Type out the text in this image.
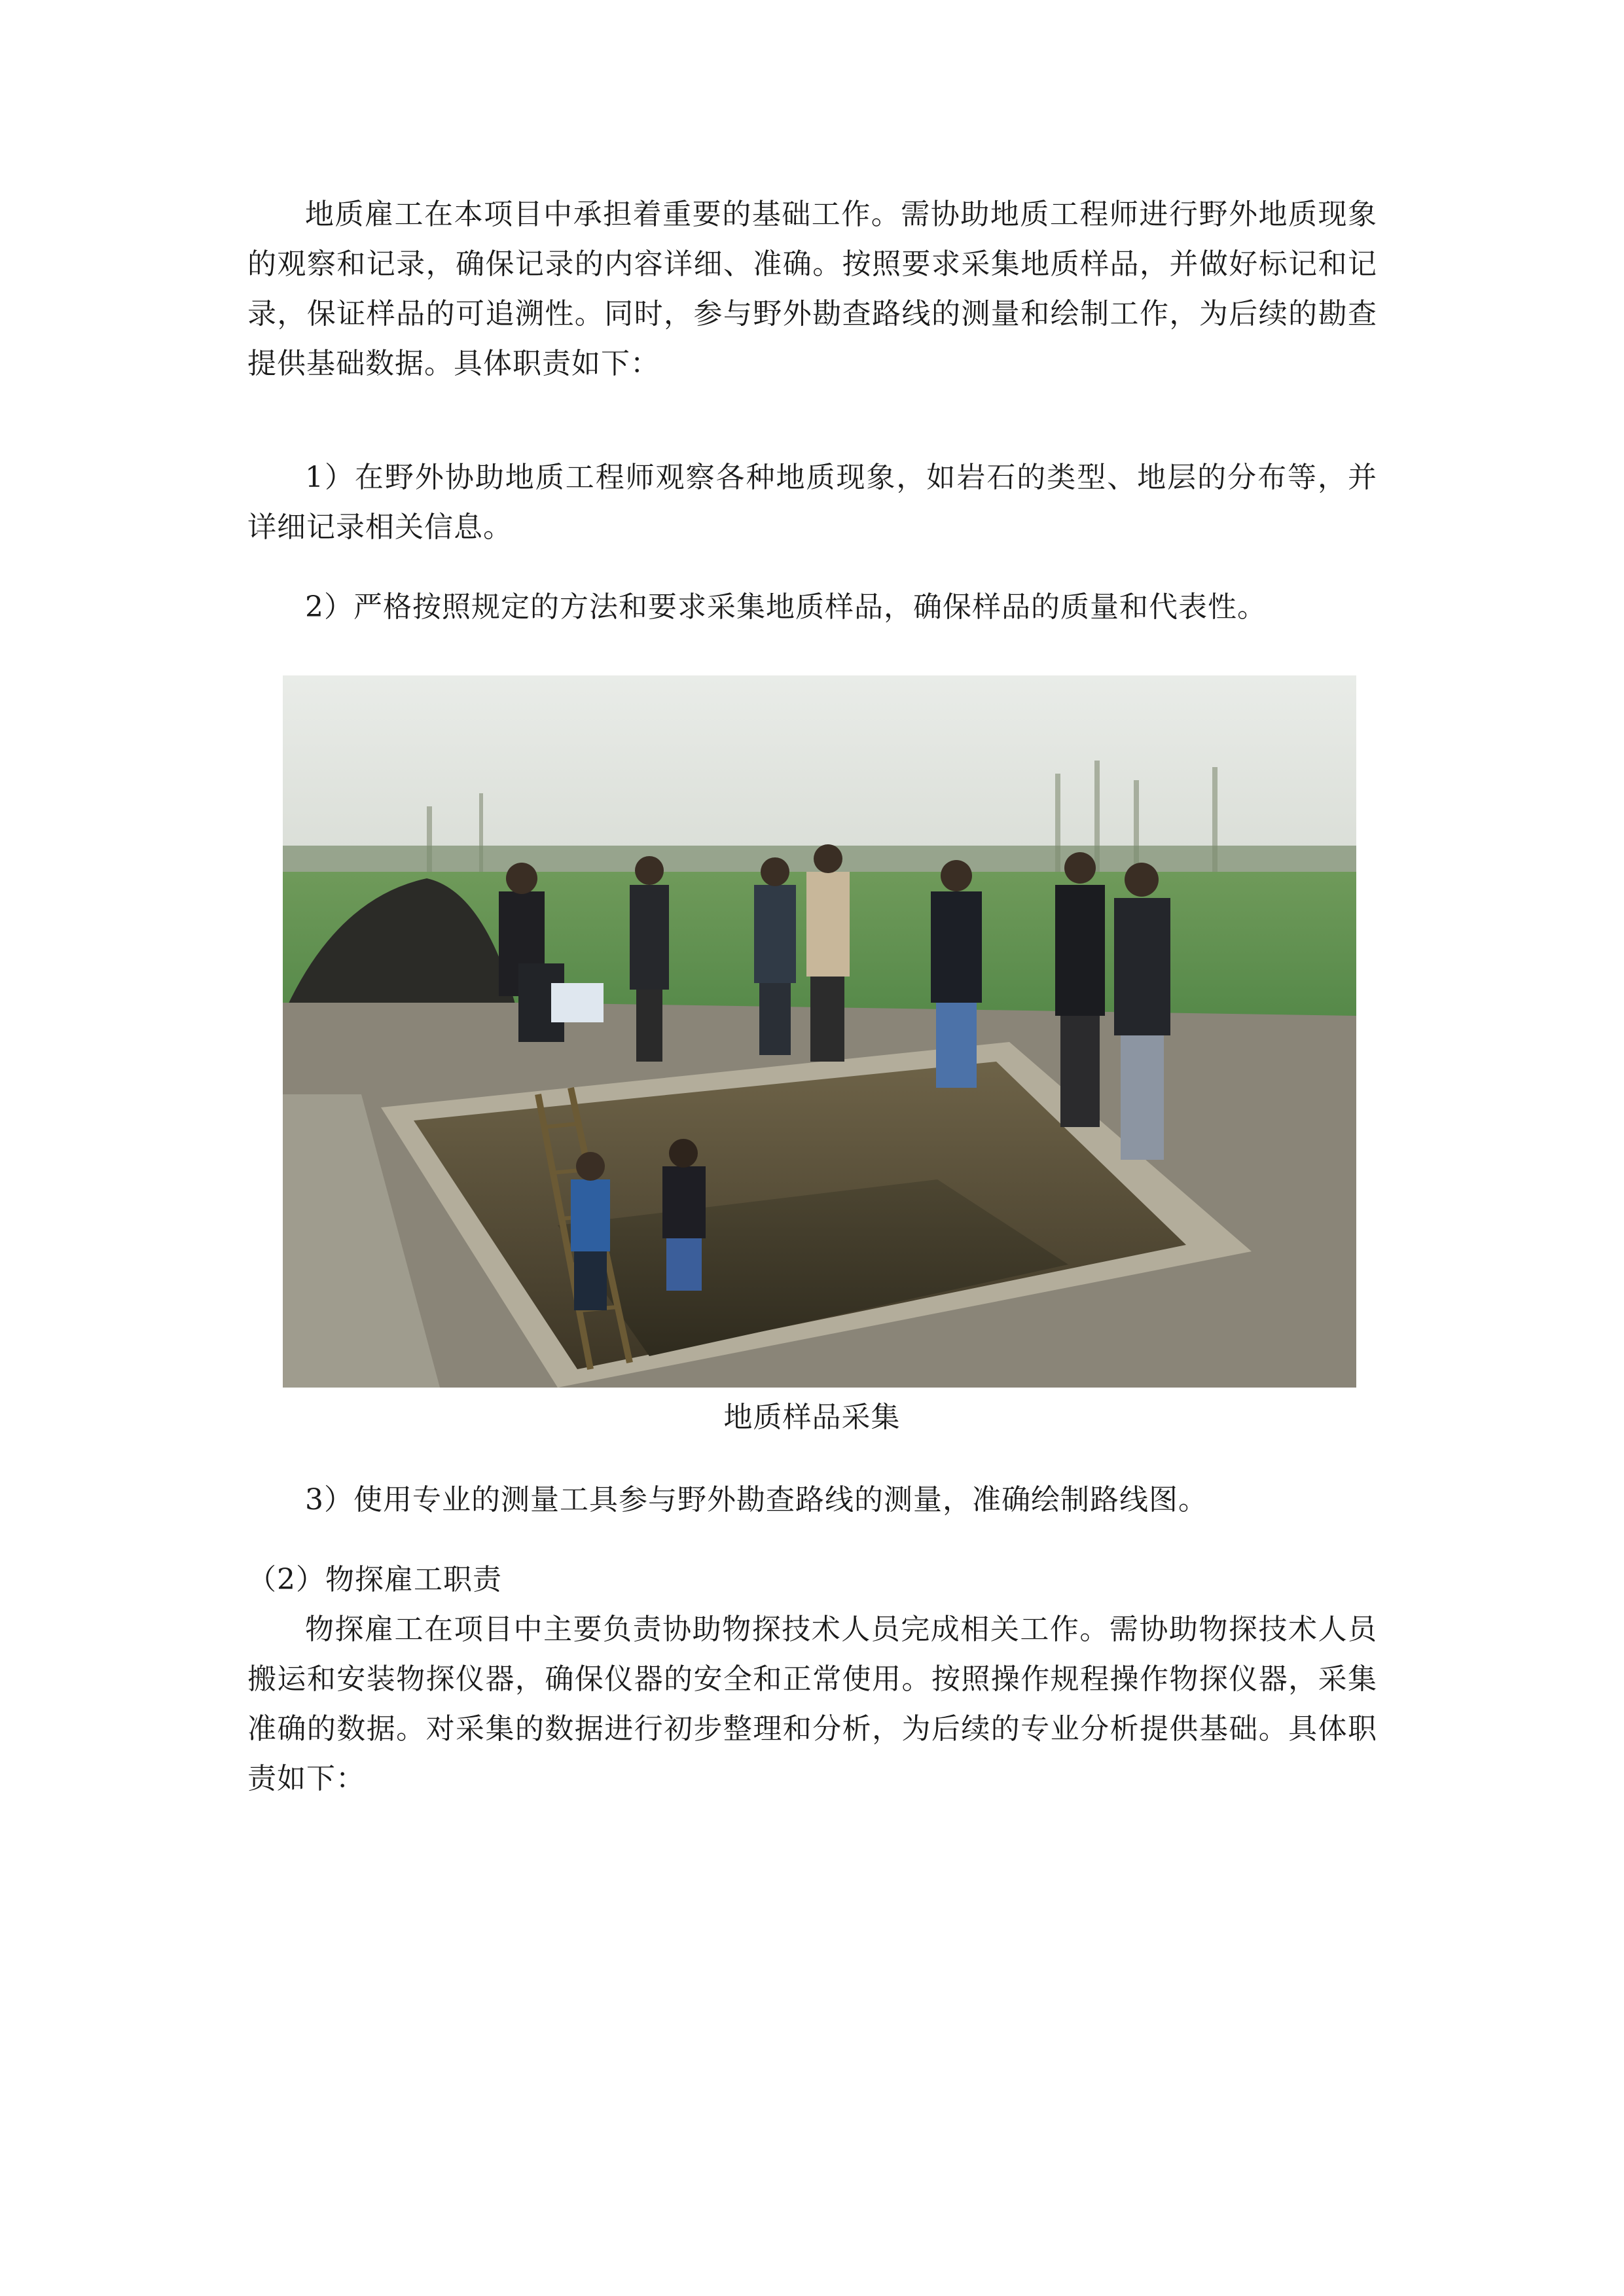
地质雇工在本项目中承担着重要的基础工作。需协助地质工程师进行野外地质现象的观察和记录，确保记录的内容详细、准确。按照要求采集地质样品，并做好标记和记录，保证样品的可追溯性。同时，参与野外勘查路线的测量和绘制工作，为后续的勘查提供基础数据。具体职责如下：

1）在野外协助地质工程师观察各种地质现象，如岩石的类型、地层的分布等，并详细记录相关信息。

2）严格按照规定的方法和要求采集地质样品，确保样品的质量和代表性。

地质样品采集

3）使用专业的测量工具参与野外勘查路线的测量，准确绘制路线图。

（2）物探雇工职责

物探雇工在项目中主要负责协助物探技术人员完成相关工作。需协助物探技术人员搬运和安装物探仪器，确保仪器的安全和正常使用。按照操作规程操作物探仪器，采集准确的数据。对采集的数据进行初步整理和分析，为后续的专业分析提供基础。具体职责如下：
